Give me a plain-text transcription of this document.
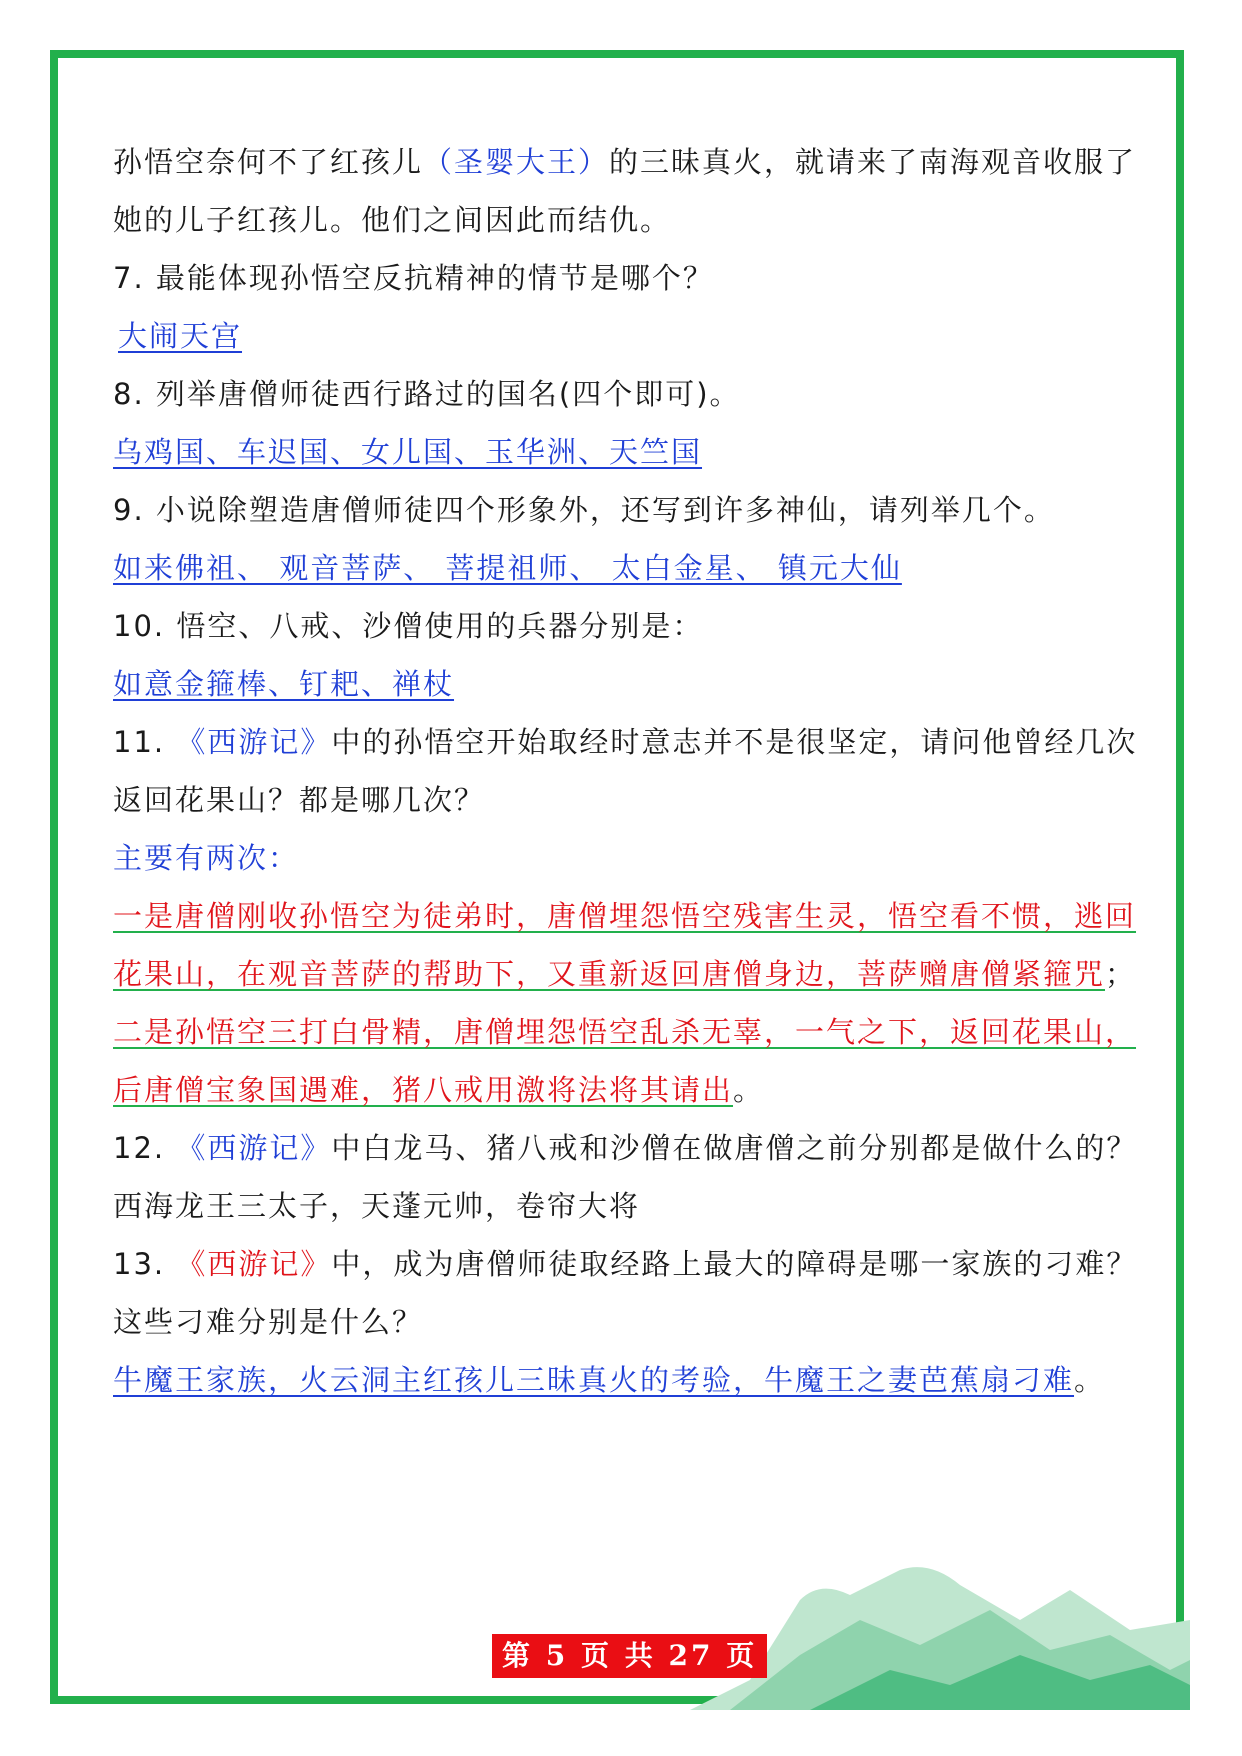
孙悟空奈何不了红孩儿（圣婴大王）的三昧真火，就请来了南海观音收服了
她的儿子红孩儿。他们之间因此而结仇。
7. 最能体现孙悟空反抗精神的情节是哪个？
大闹天宫
8. 列举唐僧师徒西行路过的国名(四个即可)。
乌鸡国、车迟国、女儿国、玉华洲、天竺国
9. 小说除塑造唐僧师徒四个形象外，还写到许多神仙，请列举几个。
如来佛祖、 观音菩萨、 菩提祖师、 太白金星、 镇元大仙
10. 悟空、八戒、沙僧使用的兵器分别是：
如意金箍棒、钉耙、禅杖
11. 《西游记》中的孙悟空开始取经时意志并不是很坚定，请问他曾经几次
返回花果山？都是哪几次？
主要有两次：
一是唐僧刚收孙悟空为徒弟时，唐僧埋怨悟空残害生灵，悟空看不惯，逃回
花果山，在观音菩萨的帮助下，又重新返回唐僧身边，菩萨赠唐僧紧箍咒；
二是孙悟空三打白骨精，唐僧埋怨悟空乱杀无辜，一气之下，返回花果山，
后唐僧宝象国遇难，猪八戒用激将法将其请出。
12. 《西游记》中白龙马、猪八戒和沙僧在做唐僧之前分别都是做什么的？
西海龙王三太子，天蓬元帅，卷帘大将
13. 《西游记》中，成为唐僧师徒取经路上最大的障碍是哪一家族的刁难？
这些刁难分别是什么？
牛魔王家族，火云洞主红孩儿三昧真火的考验，牛魔王之妻芭蕉扇刁难。
第 5 页 共 27 页
